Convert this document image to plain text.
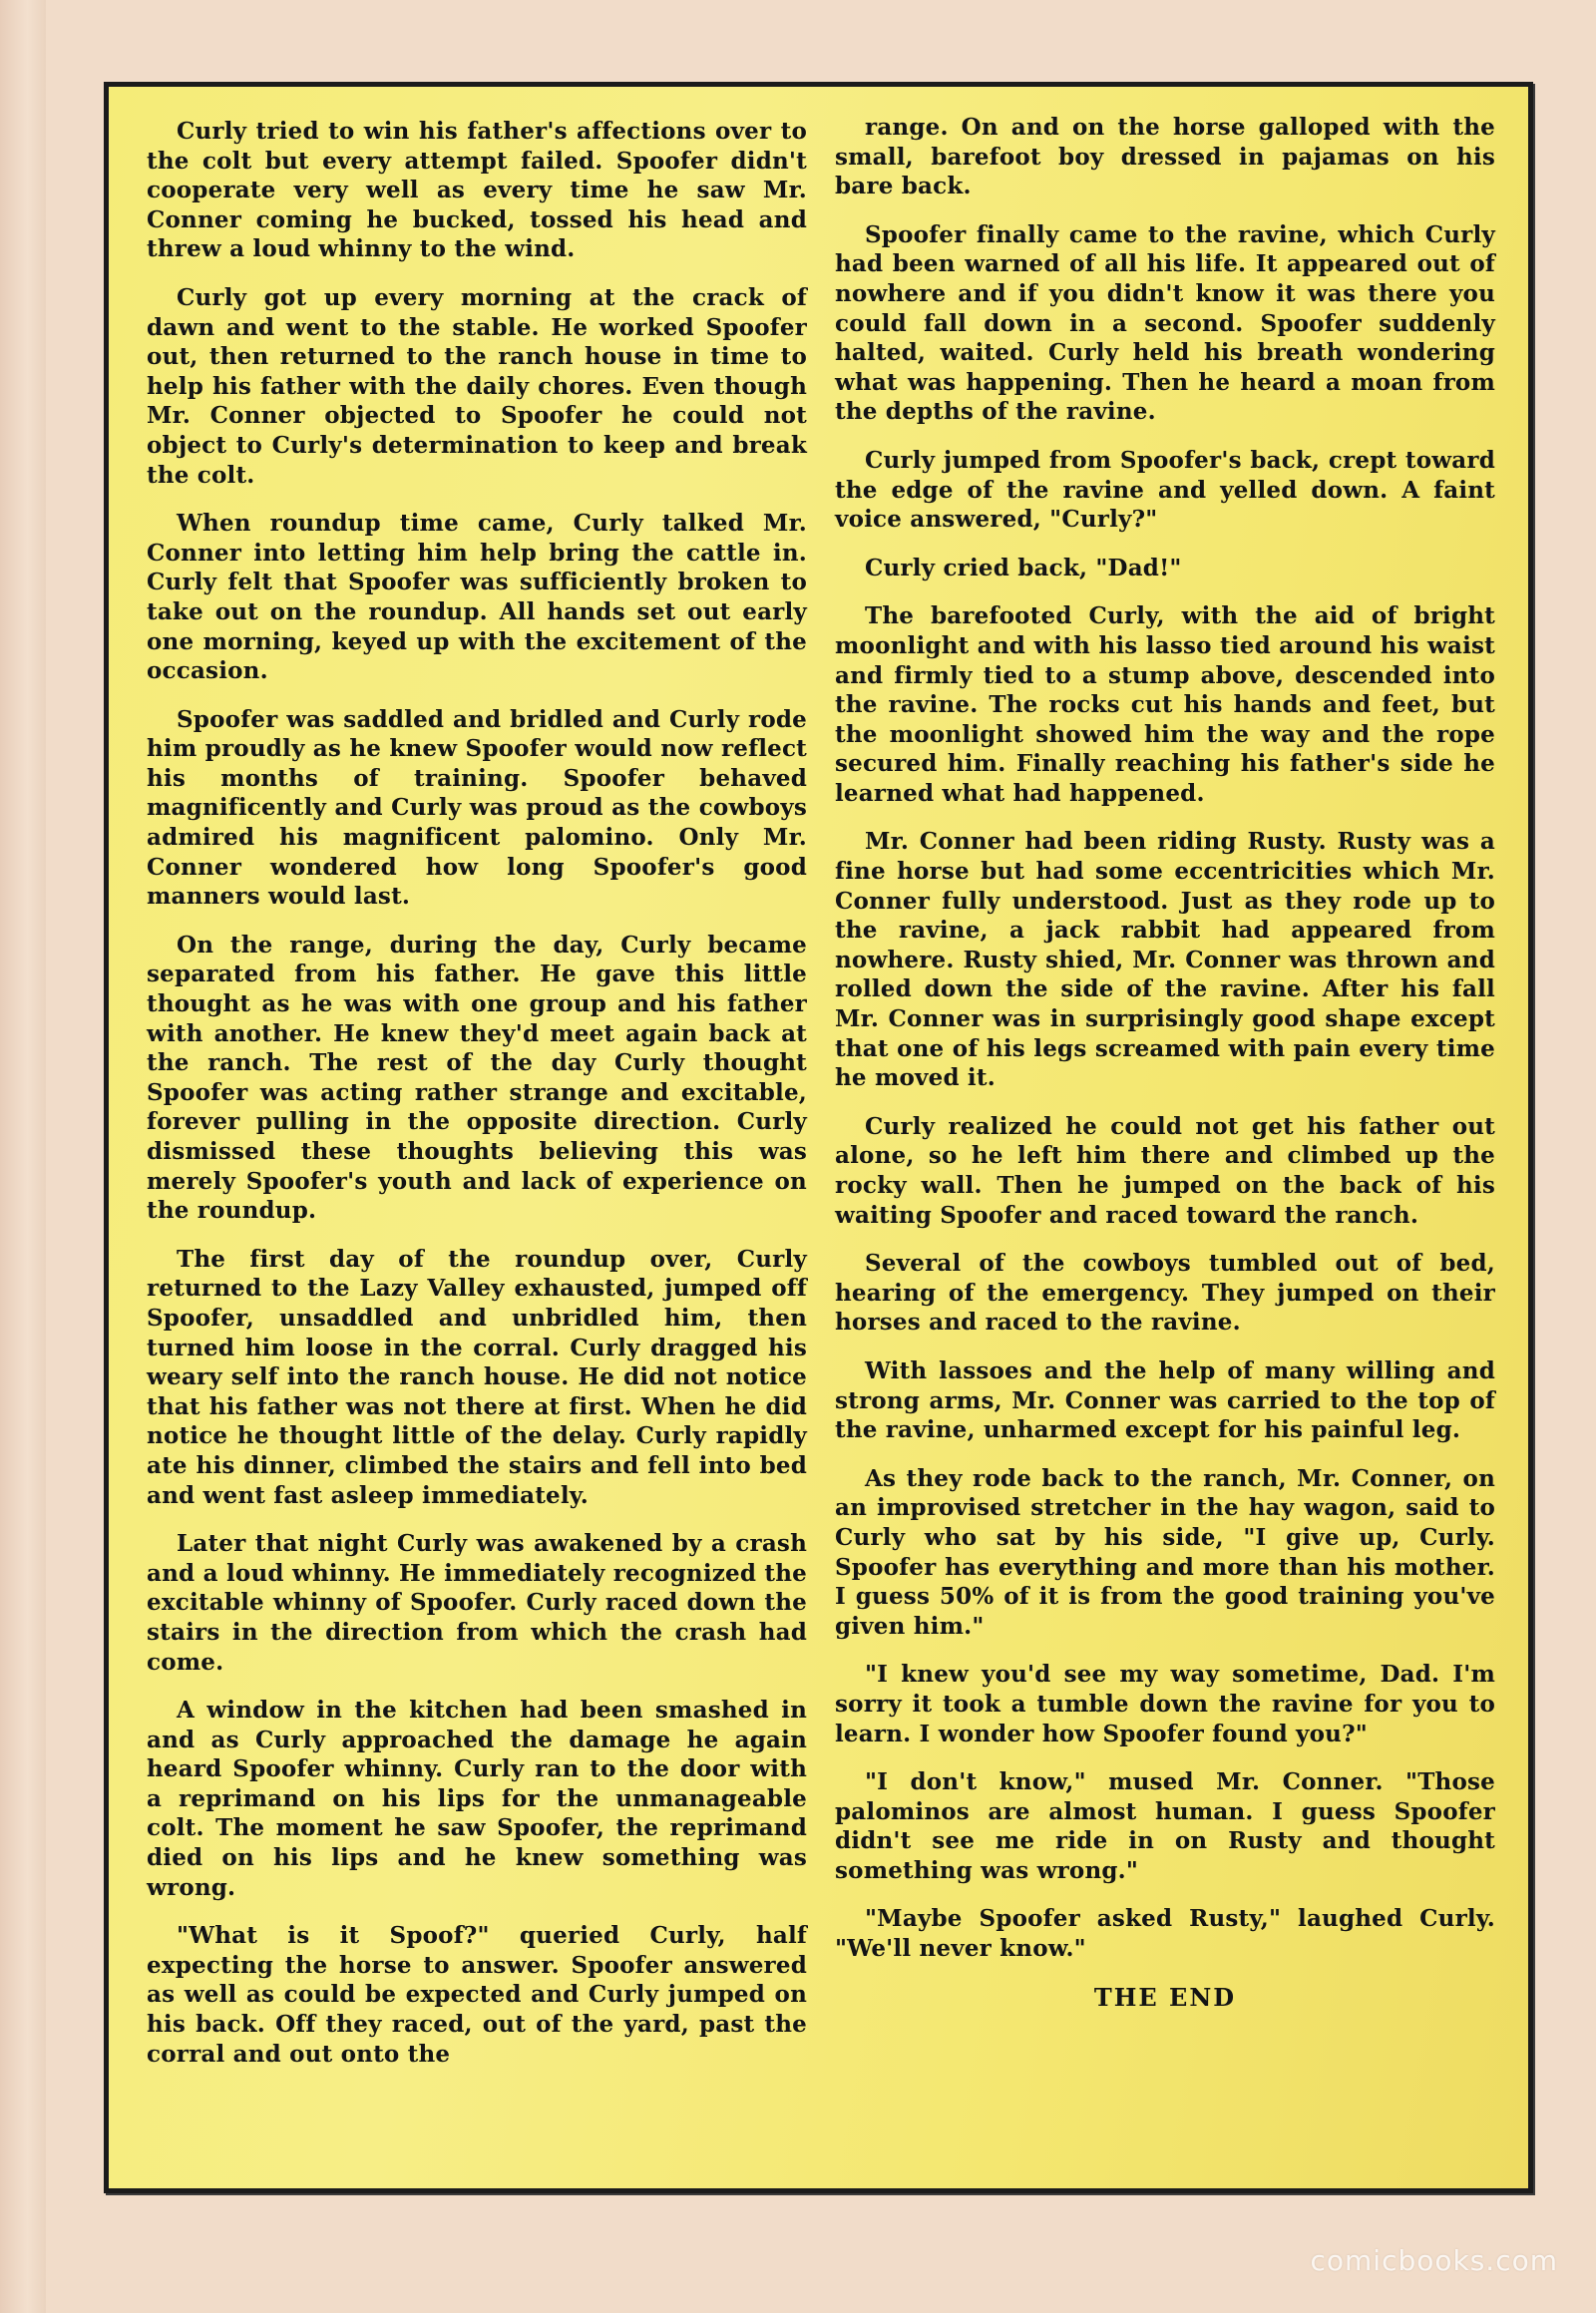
Curly tried to win his father's affections over to the colt but every attempt failed. Spoofer didn't cooperate very well as every time he saw Mr. Conner coming he bucked, tossed his head and threw a loud whinny to the wind.

Curly got up every morning at the crack of dawn and went to the stable. He worked Spoofer out, then returned to the ranch house in time to help his father with the daily chores. Even though Mr. Conner objected to Spoofer he could not object to Curly's determination to keep and break the colt.

When roundup time came, Curly talked Mr. Conner into letting him help bring the cattle in. Curly felt that Spoofer was sufficiently broken to take out on the roundup. All hands set out early one morning, keyed up with the excitement of the occasion.

Spoofer was saddled and bridled and Curly rode him proudly as he knew Spoofer would now reflect his months of training. Spoofer behaved magnificently and Curly was proud as the cowboys admired his magnificent palomino. Only Mr. Conner wondered how long Spoofer's good manners would last.

On the range, during the day, Curly became separated from his father. He gave this little thought as he was with one group and his father with another. He knew they'd meet again back at the ranch. The rest of the day Curly thought Spoofer was acting rather strange and excitable, forever pulling in the opposite direction. Curly dismissed these thoughts believing this was merely Spoofer's youth and lack of experience on the roundup.

The first day of the roundup over, Curly returned to the Lazy Valley exhausted, jumped off Spoofer, unsaddled and unbridled him, then turned him loose in the corral. Curly dragged his weary self into the ranch house. He did not notice that his father was not there at first. When he did notice he thought little of the delay. Curly rapidly ate his dinner, climbed the stairs and fell into bed and went fast asleep immediately.

Later that night Curly was awakened by a crash and a loud whinny. He immediately recognized the excitable whinny of Spoofer. Curly raced down the stairs in the direction from which the crash had come.

A window in the kitchen had been smashed in and as Curly approached the damage he again heard Spoofer whinny. Curly ran to the door with a reprimand on his lips for the unmanageable colt. The moment he saw Spoofer, the reprimand died on his lips and he knew something was wrong.

"What is it Spoof?" queried Curly, half expecting the horse to answer. Spoofer answered as well as could be expected and Curly jumped on his back. Off they raced, out of the yard, past the corral and out onto the

range. On and on the horse galloped with the small, barefoot boy dressed in pajamas on his bare back.

Spoofer finally came to the ravine, which Curly had been warned of all his life. It appeared out of nowhere and if you didn't know it was there you could fall down in a second. Spoofer suddenly halted, waited. Curly held his breath wondering what was happening. Then he heard a moan from the depths of the ravine.

Curly jumped from Spoofer's back, crept toward the edge of the ravine and yelled down. A faint voice answered, "Curly?"

Curly cried back, "Dad!"

The barefooted Curly, with the aid of bright moonlight and with his lasso tied around his waist and firmly tied to a stump above, descended into the ravine. The rocks cut his hands and feet, but the moonlight showed him the way and the rope secured him. Finally reaching his father's side he learned what had happened.

Mr. Conner had been riding Rusty. Rusty was a fine horse but had some eccentricities which Mr. Conner fully understood. Just as they rode up to the ravine, a jack rabbit had appeared from nowhere. Rusty shied, Mr. Conner was thrown and rolled down the side of the ravine. After his fall Mr. Conner was in surprisingly good shape except that one of his legs screamed with pain every time he moved it.

Curly realized he could not get his father out alone, so he left him there and climbed up the rocky wall. Then he jumped on the back of his waiting Spoofer and raced toward the ranch.

Several of the cowboys tumbled out of bed, hearing of the emergency. They jumped on their horses and raced to the ravine.

With lassoes and the help of many willing and strong arms, Mr. Conner was carried to the top of the ravine, unharmed except for his painful leg.

As they rode back to the ranch, Mr. Conner, on an improvised stretcher in the hay wagon, said to Curly who sat by his side, "I give up, Curly. Spoofer has everything and more than his mother. I guess 50% of it is from the good training you've given him."

"I knew you'd see my way sometime, Dad. I'm sorry it took a tumble down the ravine for you to learn. I wonder how Spoofer found you?"

"I don't know," mused Mr. Conner. "Those palominos are almost human. I guess Spoofer didn't see me ride in on Rusty and thought something was wrong."

"Maybe Spoofer asked Rusty," laughed Curly. "We'll never know."

THE END
comicbooks.com
